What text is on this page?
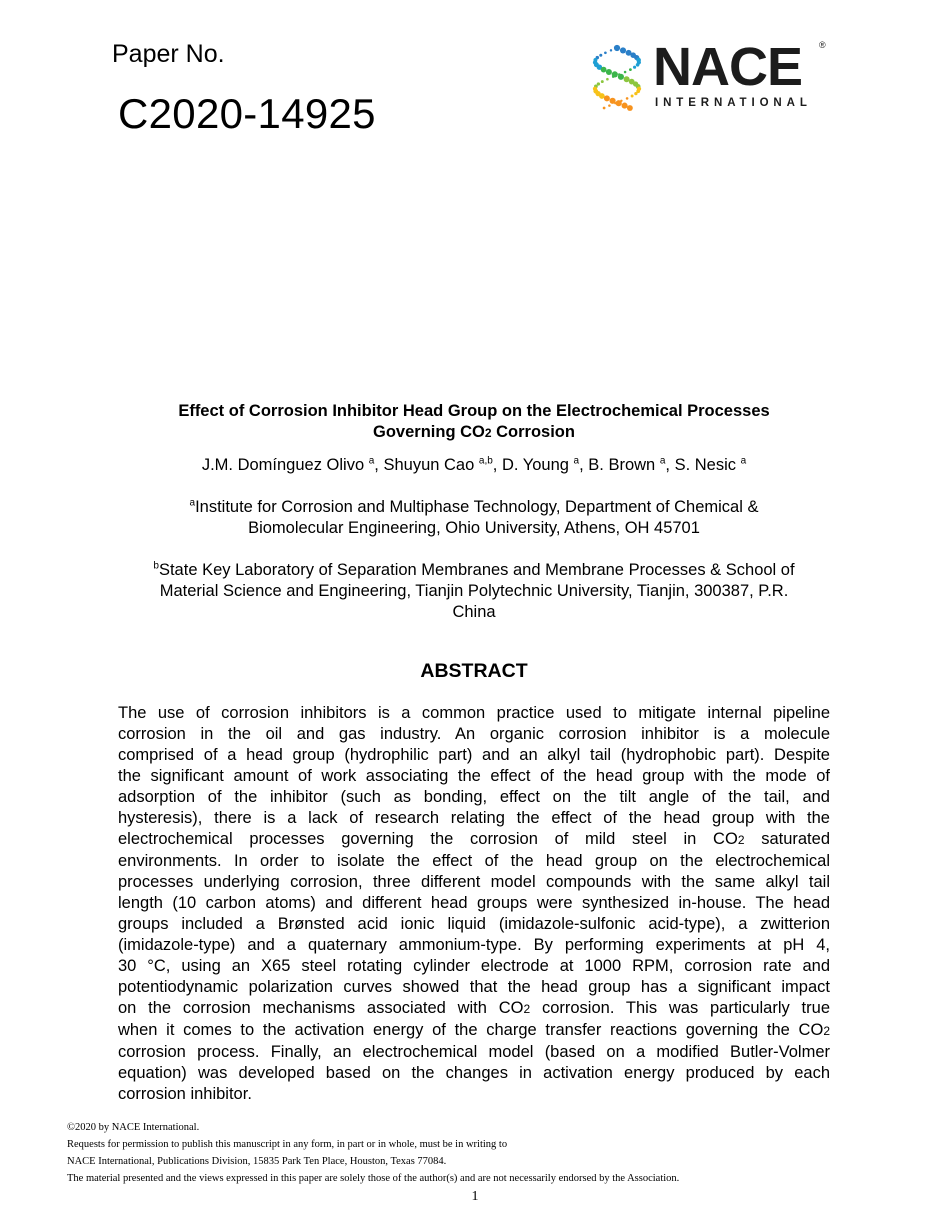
Paper No.
C2020-14925
NACE ®
INTERNATIONAL
Effect of Corrosion Inhibitor Head Group on the Electrochemical Processes
Governing CO2 Corrosion
J.M. Domínguez Olivo $^a$, Shuyun Cao $^{a,b}$, D. Young $^a$, B. Brown $^a$, S. Nesic $^a$
$^a$Institute for Corrosion and Multiphase Technology, Department of Chemical &
Biomolecular Engineering, Ohio University, Athens, OH 45701
$^b$State Key Laboratory of Separation Membranes and Membrane Processes & School of
Material Science and Engineering, Tianjin Polytechnic University, Tianjin, 300387, P.R.
China
ABSTRACT
The use of corrosion inhibitors is a common practice used to mitigate internal pipeline
corrosion in the oil and gas industry. An organic corrosion inhibitor is a molecule
comprised of a head group (hydrophilic part) and an alkyl tail (hydrophobic part). Despite
the significant amount of work associating the effect of the head group with the mode of
adsorption of the inhibitor (such as bonding, effect on the tilt angle of the tail, and
hysteresis), there is a lack of research relating the effect of the head group with the
electrochemical processes governing the corrosion of mild steel in CO2 saturated
environments. In order to isolate the effect of the head group on the electrochemical
processes underlying corrosion, three different model compounds with the same alkyl tail
length (10 carbon atoms) and different head groups were synthesized in-house. The head
groups included a Brønsted acid ionic liquid (imidazole-sulfonic acid-type), a zwitterion
(imidazole-type) and a quaternary ammonium-type. By performing experiments at pH 4,
30 °C, using an X65 steel rotating cylinder electrode at 1000 RPM, corrosion rate and
potentiodynamic polarization curves showed that the head group has a significant impact
on the corrosion mechanisms associated with CO2 corrosion. This was particularly true
when it comes to the activation energy of the charge transfer reactions governing the CO2
corrosion process. Finally, an electrochemical model (based on a modified Butler-Volmer
equation) was developed based on the changes in activation energy produced by each
corrosion inhibitor.
©2020 by NACE International.
Requests for permission to publish this manuscript in any form, in part or in whole, must be in writing to
NACE International, Publications Division, 15835 Park Ten Place, Houston, Texas 77084.
The material presented and the views expressed in this paper are solely those of the author(s) and are not necessarily endorsed by the Association.
1
